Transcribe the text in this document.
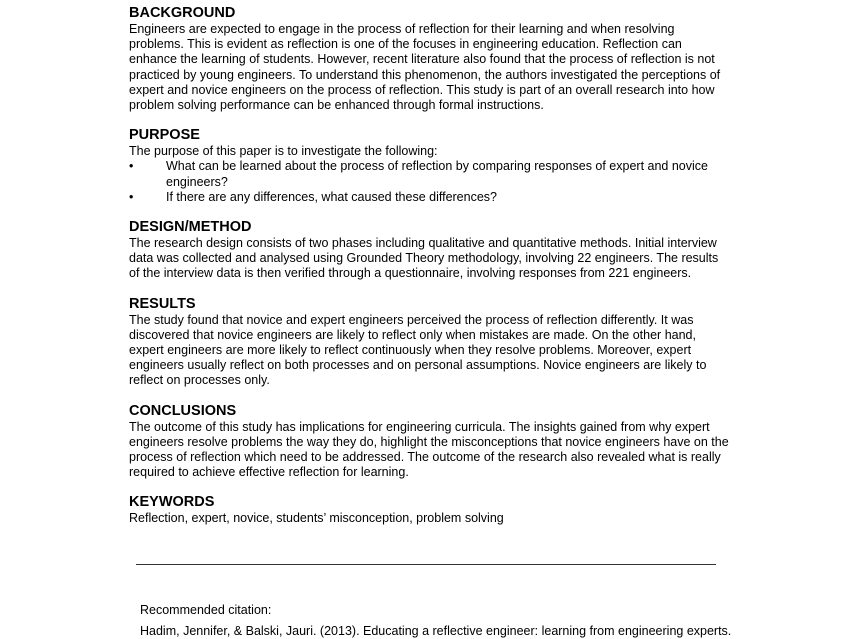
BACKGROUND

Engineers are expected to engage in the process of reflection for their learning and when resolving problems. This is evident as reflection is one of the focuses in engineering education. Reflection can enhance the learning of students. However, recent literature also found that the process of reflection is not practiced by young engineers. To understand this phenomenon, the authors investigated the perceptions of expert and novice engineers on the process of reflection. This study is part of an overall research into how problem solving performance can be enhanced through formal instructions.

PURPOSE

The purpose of this paper is to investigate the following:

•	What can be learned about the process of reflection by comparing responses of expert and novice engineers?
•	If there are any differences, what caused these differences?
DESIGN/METHOD

The research design consists of two phases including qualitative and quantitative methods. Initial interview data was collected and analysed using Grounded Theory methodology, involving 22 engineers. The results of the interview data is then verified through a questionnaire, involving responses from 221 engineers.

RESULTS

The study found that novice and expert engineers perceived the process of reflection differently. It was discovered that novice engineers are likely to reflect only when mistakes are made. On the other hand, expert engineers are more likely to reflect continuously when they resolve problems. Moreover, expert engineers usually reflect on both processes and on personal assumptions. Novice engineers are likely to reflect on processes only.

CONCLUSIONS

The outcome of this study has implications for engineering curricula. The insights gained from why expert engineers resolve problems the way they do, highlight the misconceptions that novice engineers have on the process of reflection which need to be addressed. The outcome of the research also revealed what is really required to achieve effective reflection for learning.

KEYWORDS

Reflection, expert, novice, students’ misconception, problem solving

Recommended citation:
Hadim, Jennifer, & Balski, Jauri. (2013). Educating a reflective engineer: learning from engineering experts.
